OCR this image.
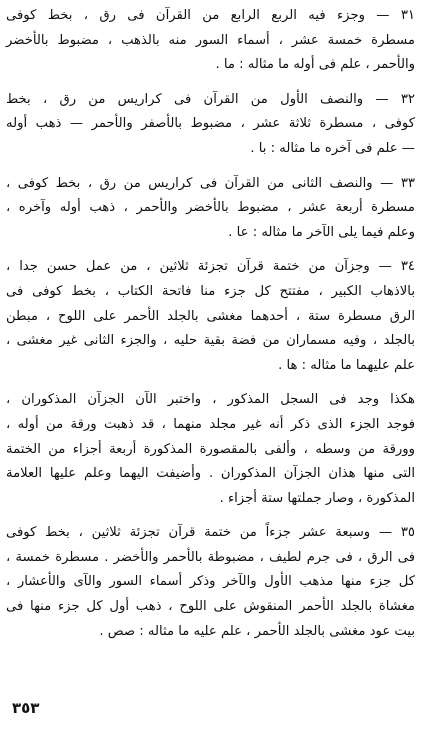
٣١ — وجزء فيه الربع الرابع من القرآن فى رق ، بخط كوفى
مسطرة خمسة عشر ، أسماء السور منه بالذهب ، مضبوط بالأخضر
والأحمر ، علم فى أوله ما مثاله : ما .
٣٢ — والنصف الأول من القرآن فى كراريس من رق ، بخط
كوفى ، مسطرة ثلاثة عشر ، مضبوط بالأصفر والأحمر — ذهب أوله
— علم فى آخره ما مثاله : با .
٣٣ — والنصف الثانى من القرآن فى كراريس من رق ، بخط كوفى ،
مسطرة أربعة عشر ، مضبوط بالأخضر والأحمر ، ذهب أوله وآخره ،
وعلم فيما يلى الآخر ما مثاله : عا .
٣٤ — وجزآن من ختمة قرآن تجزئة ثلاثين ، من عمل حسن جدا ،
بالاذهاب الكبير ، مفتتح كل جزء منا فاتحة الكتاب ، بخط كوفى فى
الرق مسطرة ستة ، أحدهما مغشى بالجلد الأحمر على اللوح ، مبطن
بالجلد ، وفيه مسماران من فضة بقية حليه ، والجزء الثانى غير مغشى ،
علم عليهما ما مثاله : ها .
هكذا وجد فى السجل المذكور ، واختبر الآن الجزآن المذكوران ،
فوجد الجزء الذى ذكر أنه غير مجلد منهما ، قد ذهبت ورقة من أوله ،
وورقة من وسطه ، وألفى بالمقصورة المذكورة أربعة أجزاء من الختمة
التى منها هذان الجزآن المذكوران . وأضيفت اليهما وعلم عليها العلامة
المذكورة ، وصار جملتها ستة أجزاء .
٣٥ — وسبعة عشر جزءاً من ختمة قرآن تجزئة ثلاثين ، بخط كوفى
فى الرق ، فى جرم لطيف ، مضبوطة بالأحمر والأخضر . مسطرة خمسة ،
كل جزء منها مذهب الأول والآخر وذكر أسماء السور والآى والأعشار ،
مغشاة بالجلد الأحمر المنقوش على اللوح ، ذهب أول كل جزء منها فى
بيت عود مغشى بالجلد الأحمر ، علم عليه ما مثاله : صص .
٣٥٣
